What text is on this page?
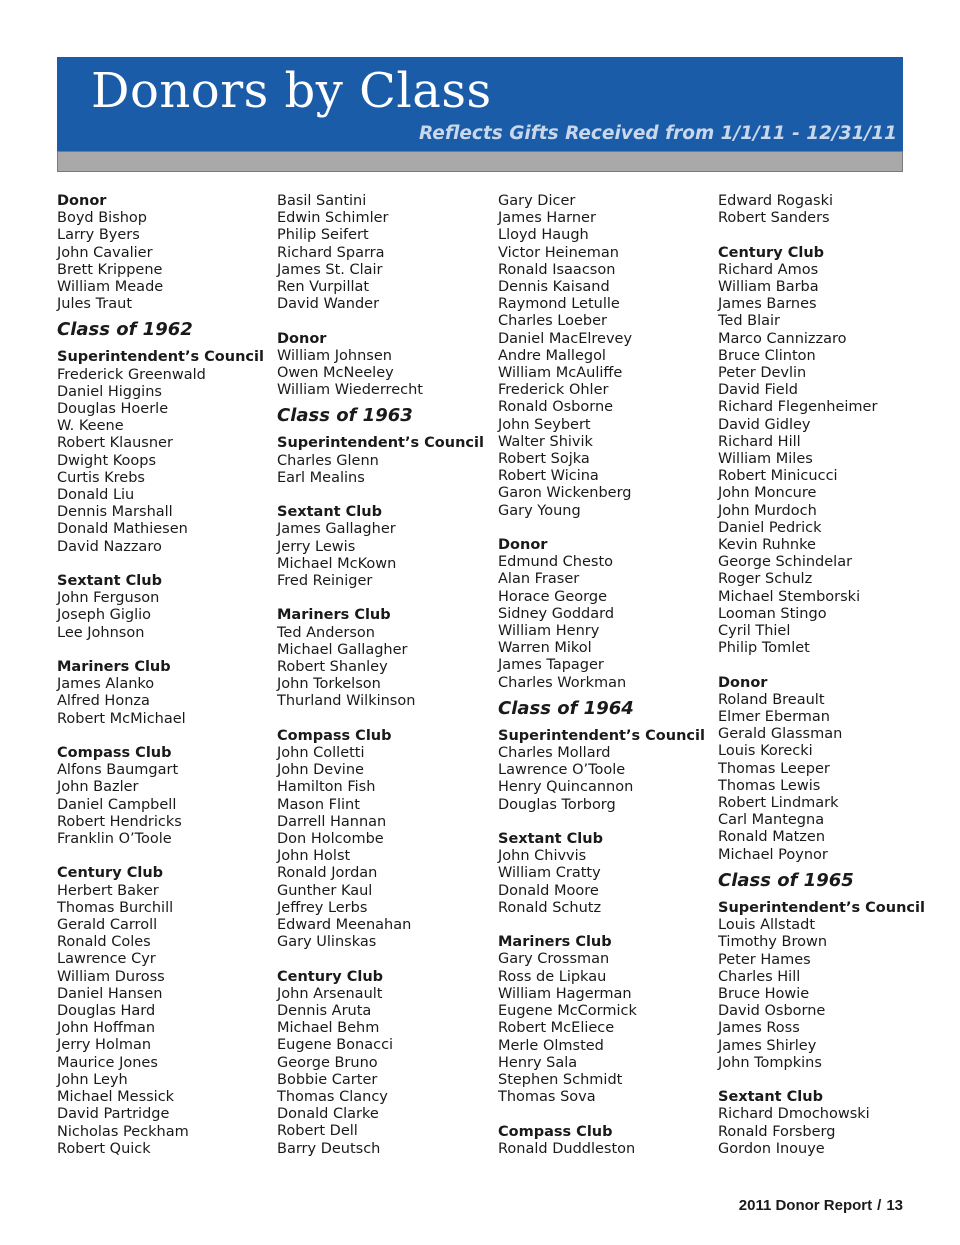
Donors by Class
Reflects Gifts Received from 1/1/11 - 12/31/11
Donor
Boyd Bishop
Larry Byers
John Cavalier
Brett Krippene
William Meade
Jules Traut
Class of 1962
Superintendent’s Council
Frederick Greenwald
Daniel Higgins
Douglas Hoerle
W. Keene
Robert Klausner
Dwight Koops
Curtis Krebs
Donald Liu
Dennis Marshall
Donald Mathiesen
David Nazzaro
Sextant Club
John Ferguson
Joseph Giglio
Lee Johnson
Mariners Club
James Alanko
Alfred Honza
Robert McMichael
Compass Club
Alfons Baumgart
John Bazler
Daniel Campbell
Robert Hendricks
Franklin O’Toole
Century Club
Herbert Baker
Thomas Burchill
Gerald Carroll
Ronald Coles
Lawrence Cyr
William Duross
Daniel Hansen
Douglas Hard
John Hoffman
Jerry Holman
Maurice Jones
John Leyh
Michael Messick
David Partridge
Nicholas Peckham
Robert Quick
Basil Santini
Edwin Schimler
Philip Seifert
Richard Sparra
James St. Clair
Ren Vurpillat
David Wander
Donor
William Johnsen
Owen McNeeley
William Wiederrecht
Class of 1963
Superintendent’s Council
Charles Glenn
Earl Mealins
Sextant Club
James Gallagher
Jerry Lewis
Michael McKown
Fred Reiniger
Mariners Club
Ted Anderson
Michael Gallagher
Robert Shanley
John Torkelson
Thurland Wilkinson
Compass Club
John Colletti
John Devine
Hamilton Fish
Mason Flint
Darrell Hannan
Don Holcombe
John Holst
Ronald Jordan
Gunther Kaul
Jeffrey Lerbs
Edward Meenahan
Gary Ulinskas
Century Club
John Arsenault
Dennis Aruta
Michael Behm
Eugene Bonacci
George Bruno
Bobbie Carter
Thomas Clancy
Donald Clarke
Robert Dell
Barry Deutsch
Gary Dicer
James Harner
Lloyd Haugh
Victor Heineman
Ronald Isaacson
Dennis Kaisand
Raymond Letulle
Charles Loeber
Daniel MacElrevey
Andre Mallegol
William McAuliffe
Frederick Ohler
Ronald Osborne
John Seybert
Walter Shivik
Robert Sojka
Robert Wicina
Garon Wickenberg
Gary Young
Donor
Edmund Chesto
Alan Fraser
Horace George
Sidney Goddard
William Henry
Warren Mikol
James Tapager
Charles Workman
Class of 1964
Superintendent’s Council
Charles Mollard
Lawrence O’Toole
Henry Quincannon
Douglas Torborg
Sextant Club
John Chivvis
William Cratty
Donald Moore
Ronald Schutz
Mariners Club
Gary Crossman
Ross de Lipkau
William Hagerman
Eugene McCormick
Robert McEliece
Merle Olmsted
Henry Sala
Stephen Schmidt
Thomas Sova
Compass Club
Ronald Duddleston
Edward Rogaski
Robert Sanders
Century Club
Richard Amos
William Barba
James Barnes
Ted Blair
Marco Cannizzaro
Bruce Clinton
Peter Devlin
David Field
Richard Flegenheimer
David Gidley
Richard Hill
William Miles
Robert Minicucci
John Moncure
John Murdoch
Daniel Pedrick
Kevin Ruhnke
George Schindelar
Roger Schulz
Michael Stemborski
Looman Stingo
Cyril Thiel
Philip Tomlet
Donor
Roland Breault
Elmer Eberman
Gerald Glassman
Louis Korecki
Thomas Leeper
Thomas Lewis
Robert Lindmark
Carl Mantegna
Ronald Matzen
Michael Poynor
Class of 1965
Superintendent’s Council
Louis Allstadt
Timothy Brown
Peter Hames
Charles Hill
Bruce Howie
David Osborne
James Ross
James Shirley
John Tompkins
Sextant Club
Richard Dmochowski
Ronald Forsberg
Gordon Inouye
2011 Donor Report / 13
